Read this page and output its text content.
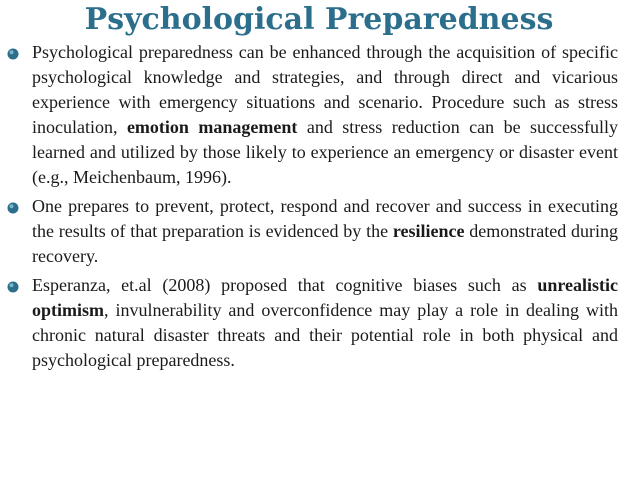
Psychological Preparedness
Psychological preparedness can be enhanced through the acquisition of specific psychological knowledge and strategies, and through direct and vicarious experience with emergency situations and scenario. Procedure such as stress inoculation, emotion management and stress reduction can be successfully learned and utilized by those likely to experience an emergency or disaster event (e.g., Meichenbaum, 1996).
One prepares to prevent, protect, respond and recover and success in executing the results of that preparation is evidenced by the resilience demonstrated during recovery.
Esperanza, et.al (2008) proposed that cognitive biases such as unrealistic optimism, invulnerability and overconfidence may play a role in dealing with chronic natural disaster threats and their potential role in both physical and psychological preparedness.
